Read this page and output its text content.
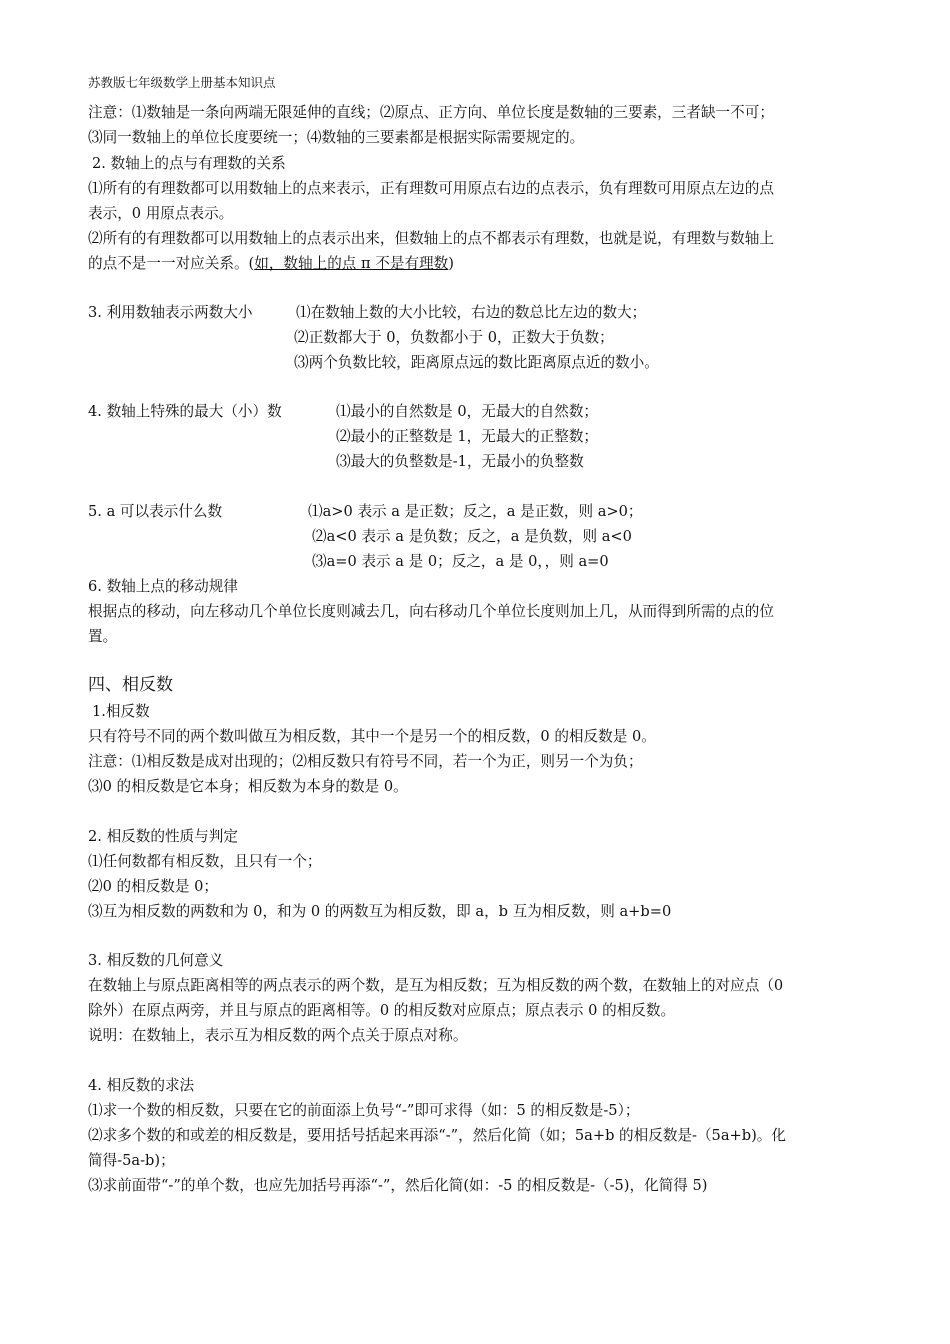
苏教版七年级数学上册基本知识点
注意：⑴数轴是一条向两端无限延伸的直线；⑵原点、正方向、单位长度是数轴的三要素，三者缺一不可；
⑶同一数轴上的单位长度要统一；⑷数轴的三要素都是根据实际需要规定的。
2. 数轴上的点与有理数的关系
⑴所有的有理数都可以用数轴上的点来表示，正有理数可用原点右边的点表示，负有理数可用原点左边的点
表示，0 用原点表示。
⑵所有的有理数都可以用数轴上的点表示出来，但数轴上的点不都表示有理数，也就是说，有理数与数轴上
的点不是一一对应关系。(如，数轴上的点 π 不是有理数)
3. 利用数轴表示两数大小	⑴在数轴上数的大小比较，右边的数总比左边的数大；
⑵正数都大于 0，负数都小于 0，正数大于负数；
⑶两个负数比较，距离原点远的数比距离原点近的数小。
4. 数轴上特殊的最大（小）数	⑴最小的自然数是 0，无最大的自然数；
⑵最小的正整数是 1，无最大的正整数；
⑶最大的负整数是-1，无最小的负整数
5. a 可以表示什么数	⑴a>0 表示 a 是正数；反之，a 是正数，则 a>0；
⑵a<0 表示 a 是负数；反之，a 是负数，则 a<0
⑶a=0 表示 a 是 0；反之，a 是 0，，则 a=0
6. 数轴上点的移动规律
根据点的移动，向左移动几个单位长度则减去几，向右移动几个单位长度则加上几，从而得到所需的点的位
置。
四、相反数
1.相反数
只有符号不同的两个数叫做互为相反数，其中一个是另一个的相反数，0 的相反数是 0。
注意：⑴相反数是成对出现的；⑵相反数只有符号不同，若一个为正，则另一个为负；
⑶0 的相反数是它本身；相反数为本身的数是 0。
2. 相反数的性质与判定
⑴任何数都有相反数，且只有一个；
⑵0 的相反数是 0；
⑶互为相反数的两数和为 0，和为 0 的两数互为相反数，即 a，b 互为相反数，则 a+b=0
3. 相反数的几何意义
在数轴上与原点距离相等的两点表示的两个数，是互为相反数；互为相反数的两个数，在数轴上的对应点（0
除外）在原点两旁，并且与原点的距离相等。0 的相反数对应原点；原点表示 0 的相反数。
说明：在数轴上，表示互为相反数的两个点关于原点对称。
4. 相反数的求法
⑴求一个数的相反数，只要在它的前面添上负号“-”即可求得（如：5 的相反数是-5）；
⑵求多个数的和或差的相反数是，要用括号括起来再添“-”，然后化简（如；5a+b 的相反数是-（5a+b)。化
简得-5a-b)；
⑶求前面带“-”的单个数，也应先加括号再添“-”，然后化简(如：-5 的相反数是-（-5)，化简得 5)
